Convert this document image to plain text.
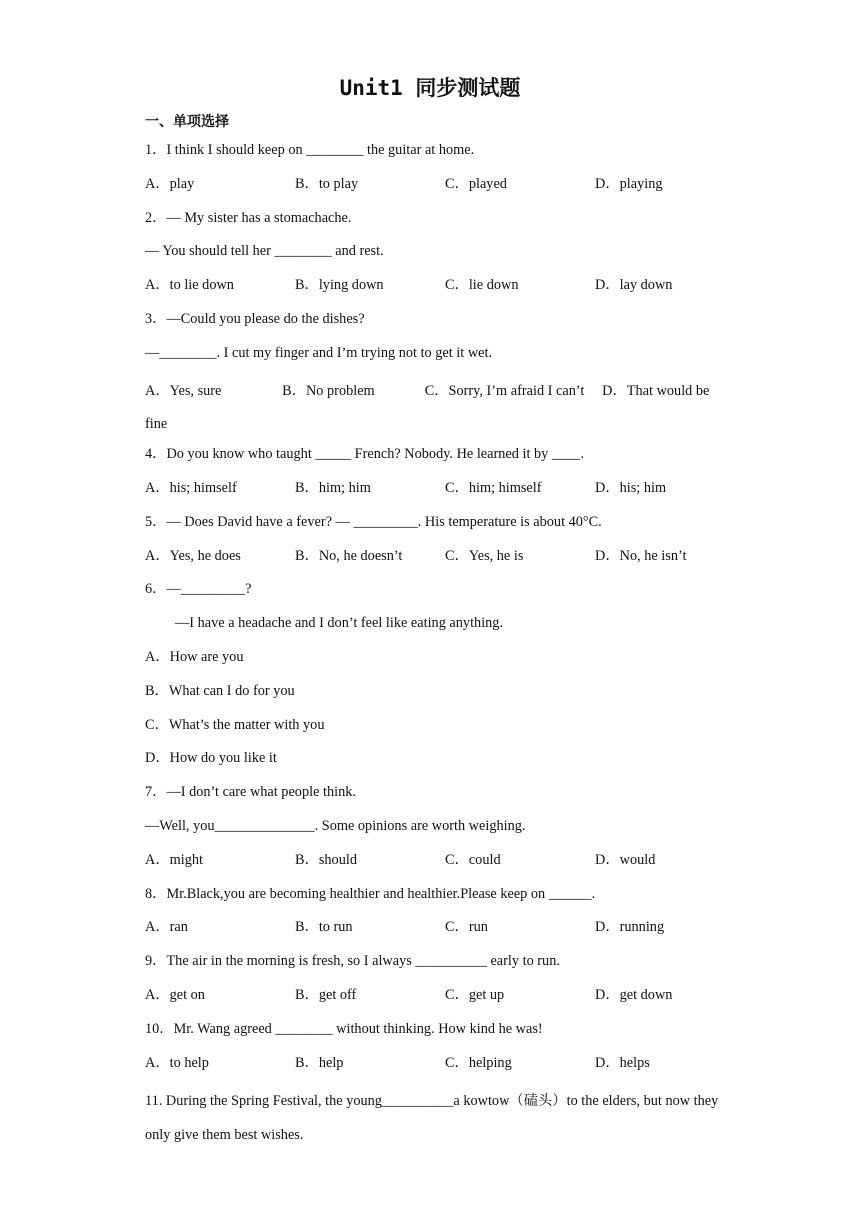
Unit1 同步测试题
一、单项选择
1．I think I should keep on ________ the guitar at home.
A．play	B．to play	C．played	D．playing
2．— My sister has a stomachache.
— You should tell her ________ and rest.
A．to lie down	B．lying down	C．lie down	D．lay down
3．—Could you please do the dishes?
—________. I cut my finger and I’m trying not to get it wet.
A．Yes, sure                 B．No problem              C．Sorry, I’m afraid I can’t     D．That would be fine
4．Do you know who taught _____ French? Nobody. He learned it by ____.
A．his; himself	B．him; him	C．him; himself	D．his; him
5．— Does David have a fever? — _________. His temperature is about 40°C.
A．Yes, he does	B．No, he doesn’t	C．Yes, he is	D．No, he isn’t
6．—_________?
—I have a headache and I don’t feel like eating anything.
A．How are you
B．What can I do for you
C．What’s the matter with you
D．How do you like it
7．—I don’t care what people think.
—Well, you______________. Some opinions are worth weighing.
A．might	B．should	C．could	D．would
8．Mr.Black,you are becoming healthier and healthier.Please keep on ______.
A．ran	B．to run	C．run	D．running
9．The air in the morning is fresh, so I always __________ early to run.
A．get on	B．get off	C．get up	D．get down
10．Mr. Wang agreed ________ without thinking. How kind he was!
A．to help	B．help	C．helping	D．helps
11. During the Spring Festival, the young__________a kowtow（磕头）to the elders, but now they only give them best wishes.
